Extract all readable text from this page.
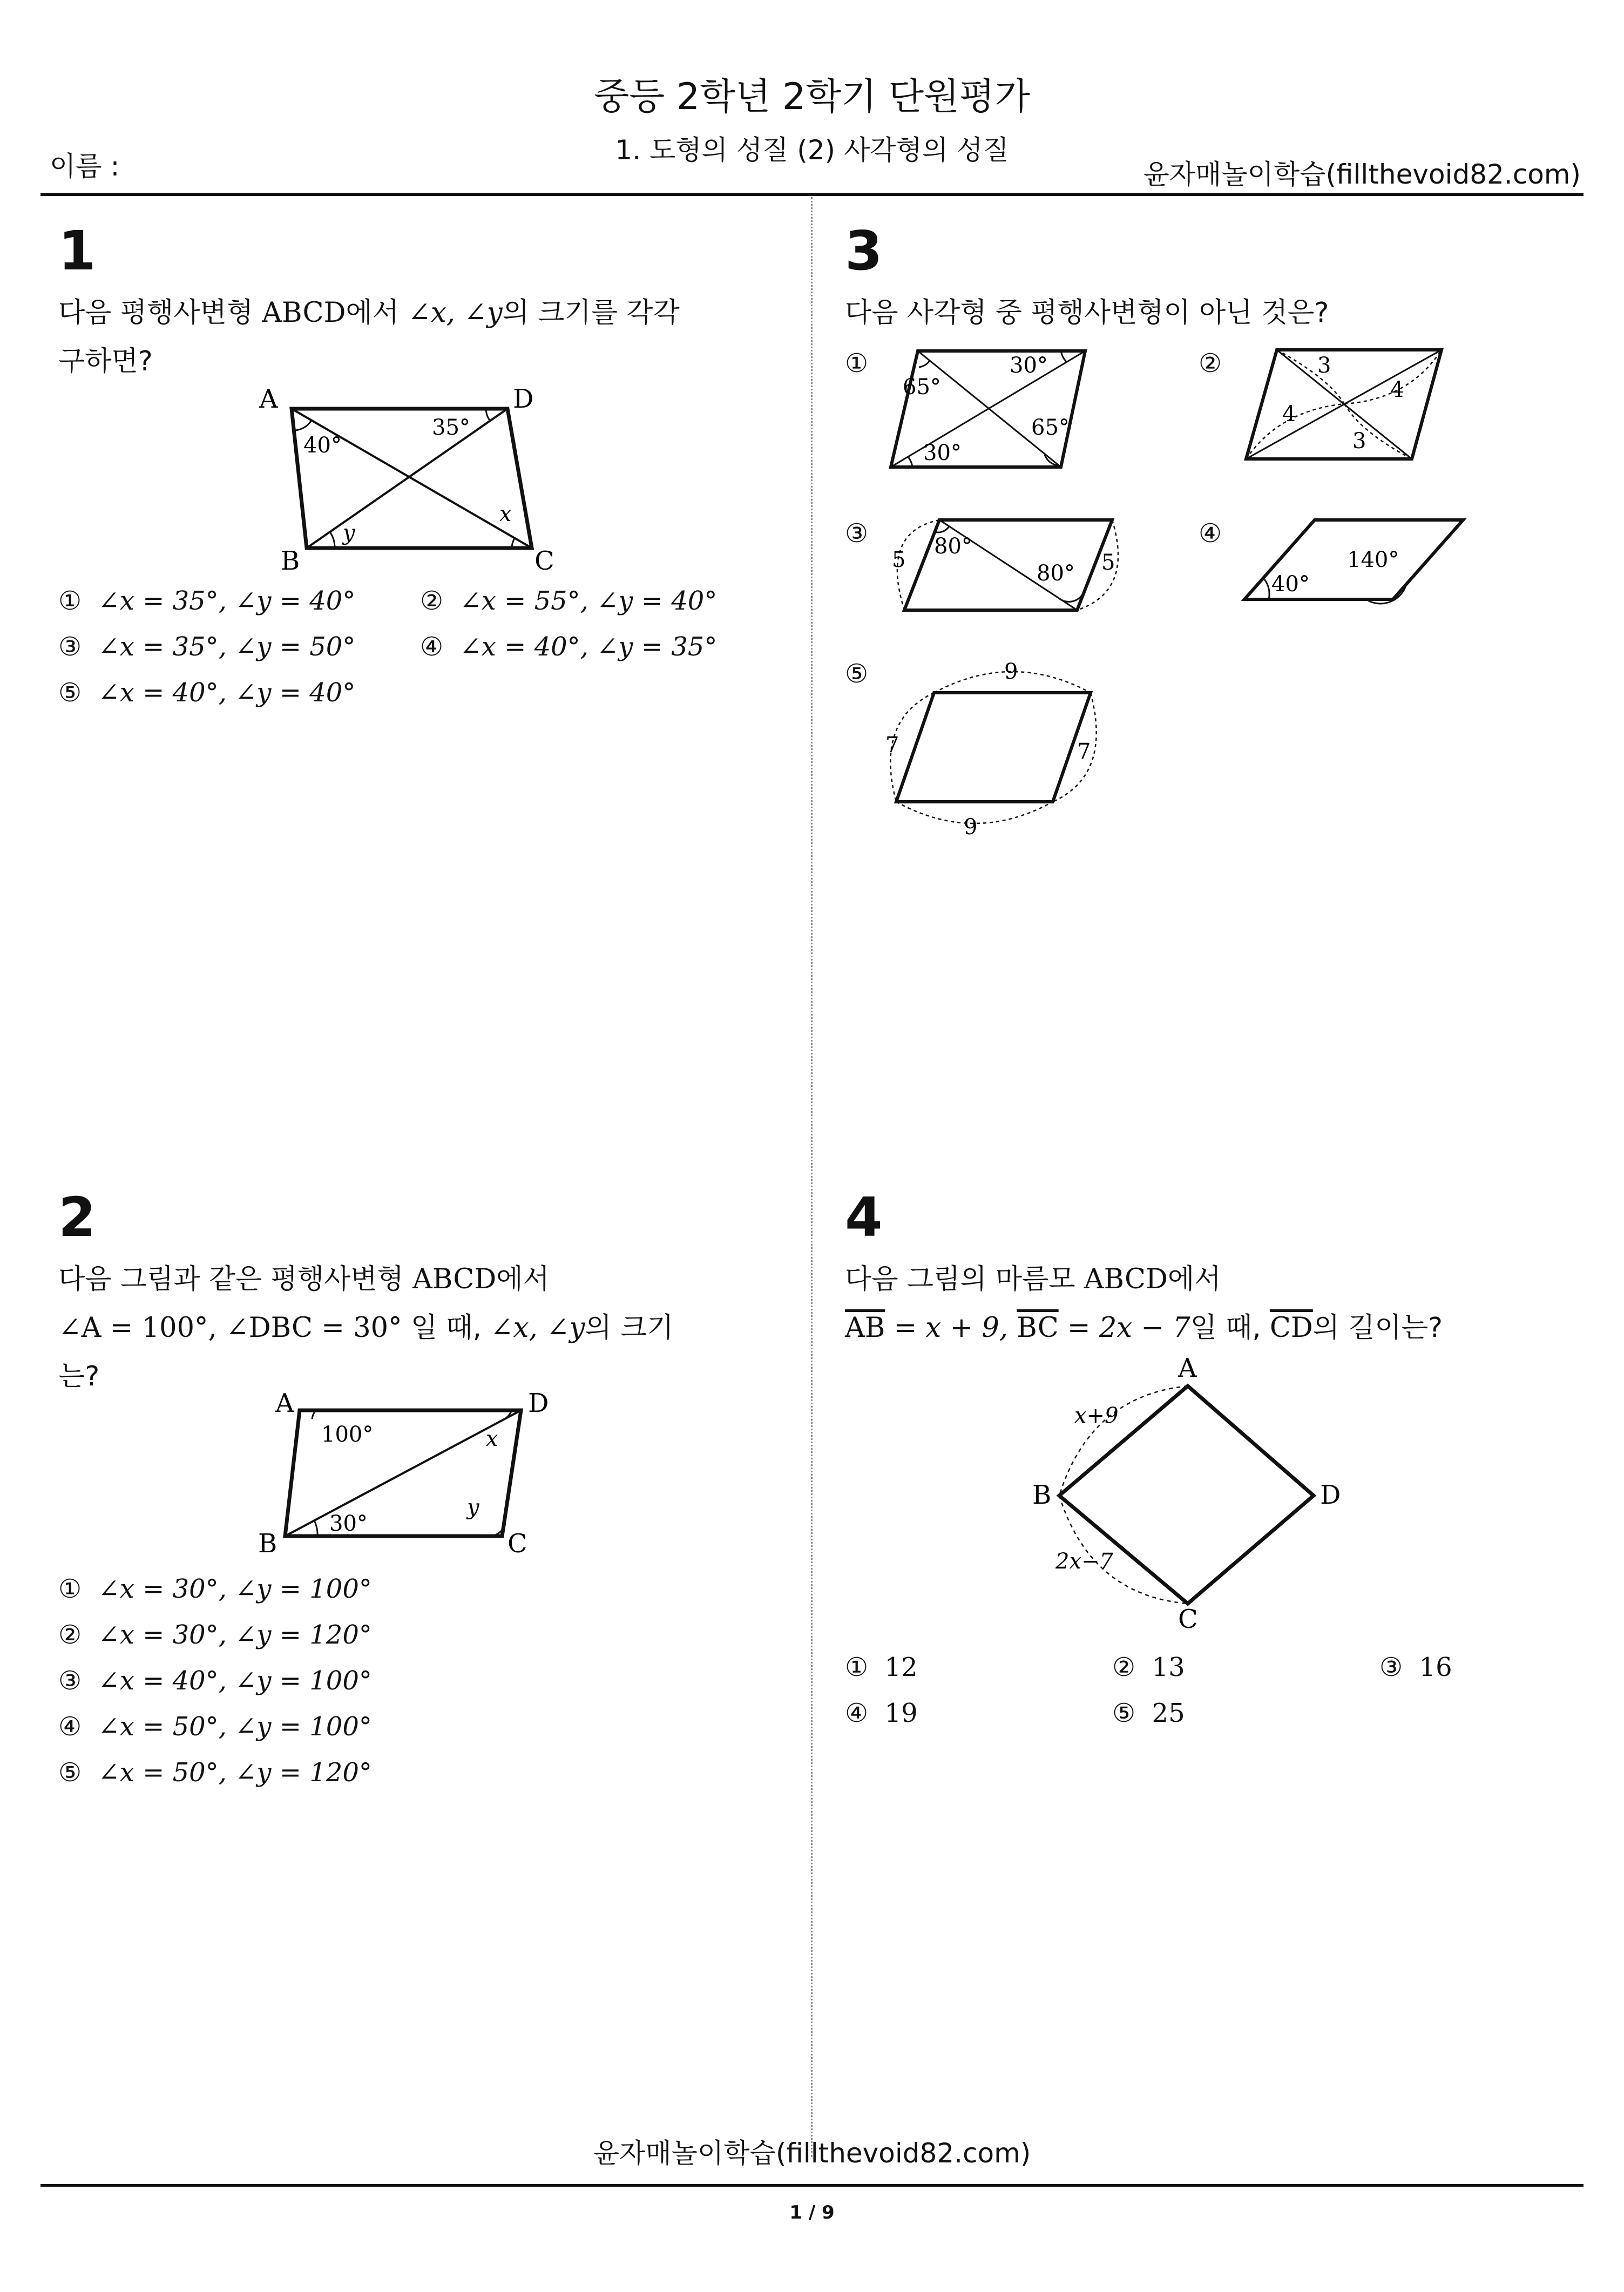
중등 2학년 2학기 단원평가
1. 도형의 성질 (2) 사각형의 성질
이름 :	윤자매놀이학습(fillthevoid82.com)
1
다음 평행사변형 ABCD에서 ∠x, ∠y의 크기를 각각
구하면?
A
B	C
D
40°
35°
y
x
① ∠x = 35°, ∠y = 40° ② ∠x = 55°, ∠y = 40°
③ ∠x = 35°, ∠y = 50° ④ ∠x = 40°, ∠y = 35°
⑤ ∠x = 40°, ∠y = 40°
2
다음 그림과 같은 평행사변형 ABCD에서
∠A = 100°, ∠DBC = 30° 일 때, ∠x, ∠y의 크기
는?
A
B	C
D
100°
30°
x
y
① ∠x = 30°, ∠y = 100°
② ∠x = 30°, ∠y = 120°
③ ∠x = 40°, ∠y = 100°
④ ∠x = 50°, ∠y = 100°
⑤ ∠x = 50°, ∠y = 120°
3
다음 사각형 중 평행사변형이 아닌 것은?
①
65°
30°
30°
65°
②	3
4
4
3
③
5
80°
80° 5
④
40°
140°
⑤	9
7	7
9
4
다음 그림의 마름모 ABCD에서
$\overline{AB} = x + 9$, $\overline{BC} = 2x - 7$일 때, $\overline{CD}$의 길이는?
A
B
C
D
x+9
2x−7
① 12	② 13	③ 16
④ 19	⑤ 25
윤자매놀이학습(fillthevoid82.com)
1 / 9
